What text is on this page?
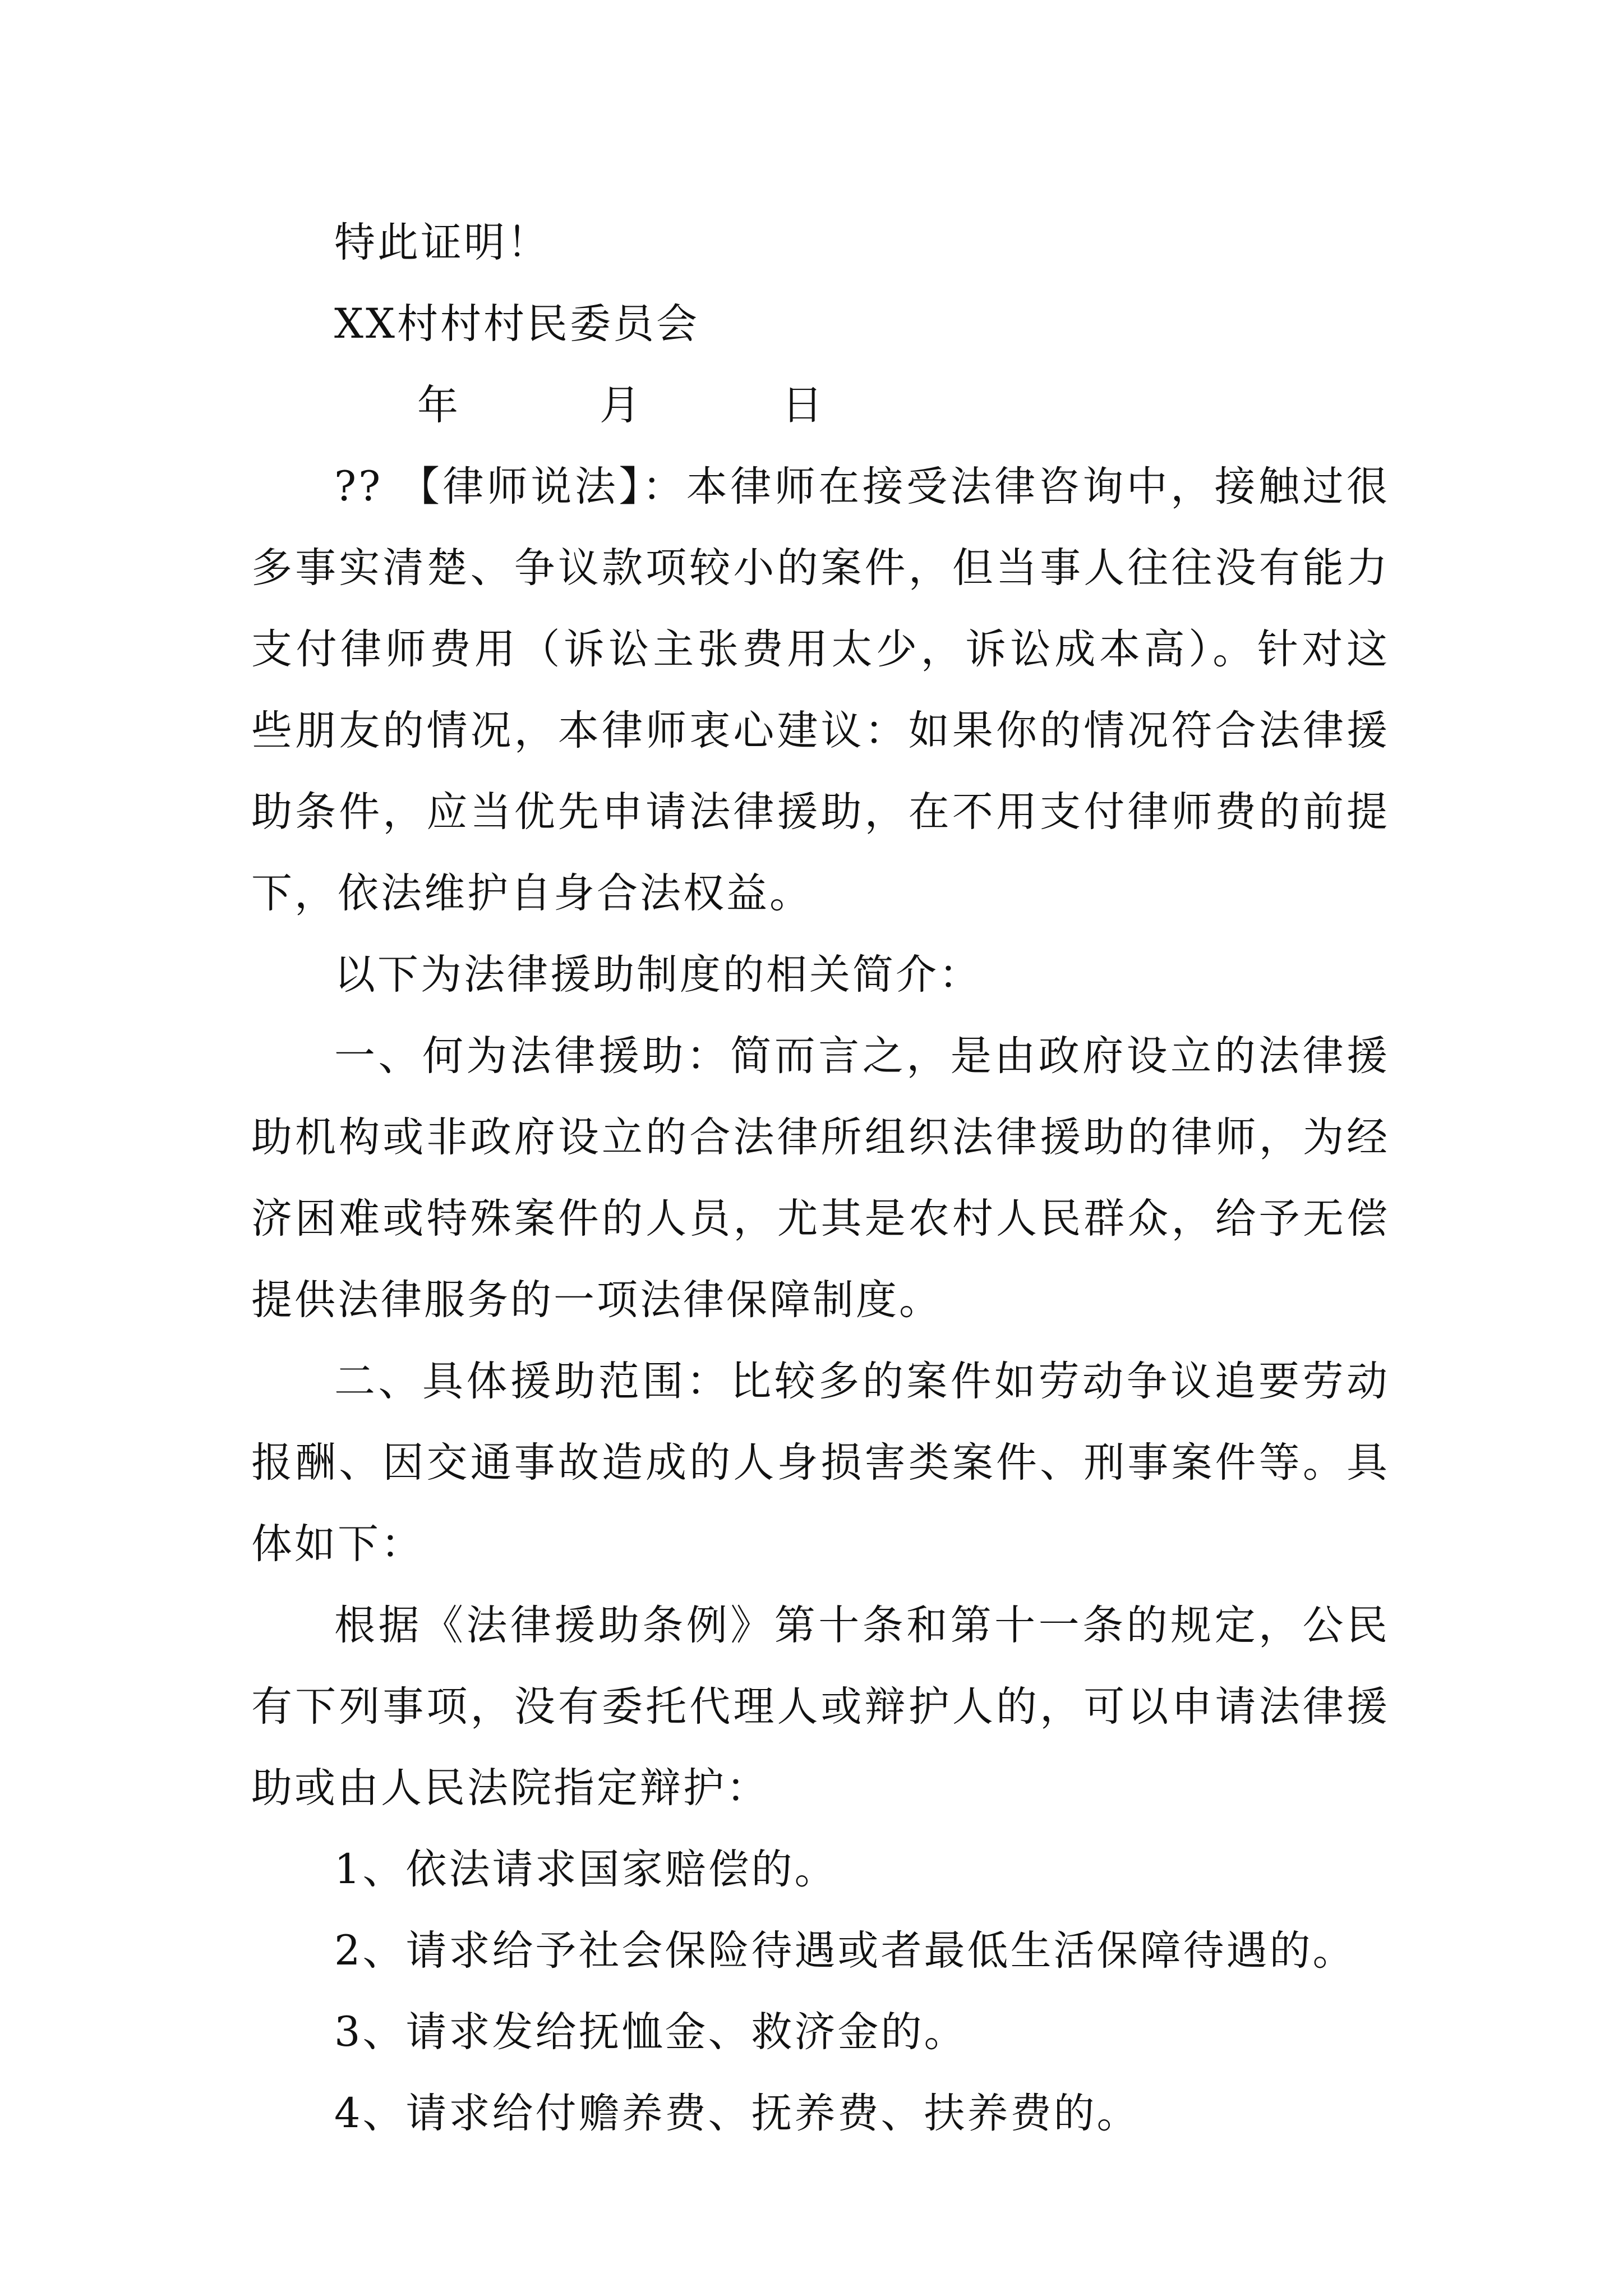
特此证明！

XX村村村民委员会

年	月	日

?? 【律师说法】：本律师在接受法律咨询中，接触过很多事实清楚、争议款项较小的案件，但当事人往往没有能力支付律师费用（诉讼主张费用太少，诉讼成本高）。针对这些朋友的情况，本律师衷心建议：如果你的情况符合法律援助条件，应当优先申请法律援助，在不用支付律师费的前提下，依法维护自身合法权益。

以下为法律援助制度的相关简介：

一、何为法律援助：简而言之，是由政府设立的法律援助机构或非政府设立的合法律所组织法律援助的律师，为经济困难或特殊案件的人员，尤其是农村人民群众，给予无偿提供法律服务的一项法律保障制度。

二、具体援助范围：比较多的案件如劳动争议追要劳动报酬、因交通事故造成的人身损害类案件、刑事案件等。具体如下：

根据《法律援助条例》第十条和第十一条的规定，公民有下列事项，没有委托代理人或辩护人的，可以申请法律援助或由人民法院指定辩护：

1、依法请求国家赔偿的。

2、请求给予社会保险待遇或者最低生活保障待遇的。

3、请求发给抚恤金、救济金的。

4、请求给付赡养费、抚养费、扶养费的。
